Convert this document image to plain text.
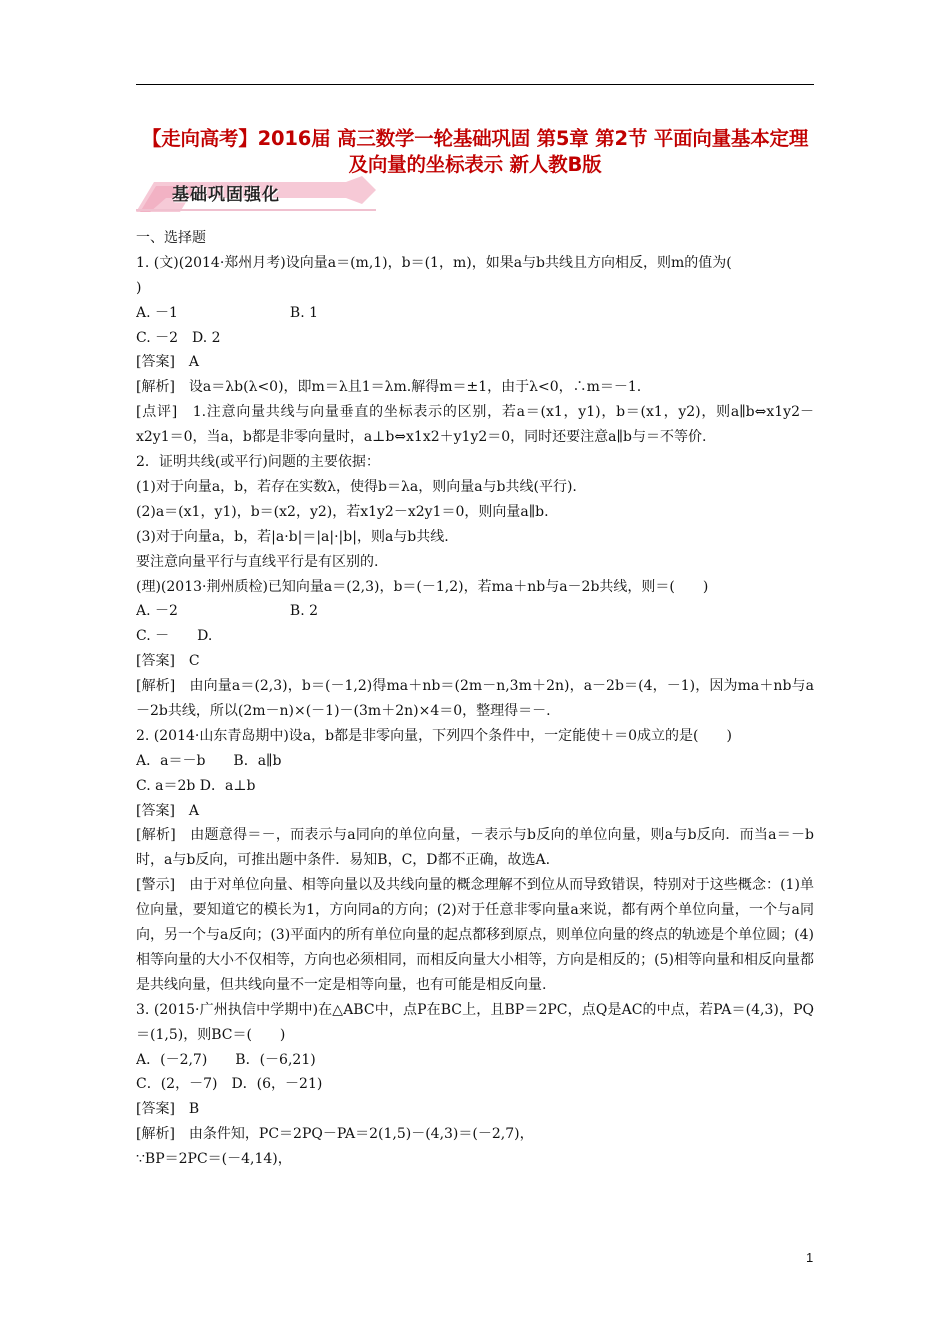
【走向高考】2016届 高三数学一轮基础巩固 第5章 第2节 平面向量基本定理及向量的坐标表示 新人教B版
基础巩固强化
一、选择题
1. (文)(2014·郑州月考)设向量a＝(m,1)，b＝(1，m)，如果a与b共线且方向相反，则m的值为(
)
A. －1　　　　　　　　B. 1
C. －2　D. 2
[答案]　A
[解析]　设a＝λb(λ<0)，即m＝λ且1＝λm.解得m＝±1，由于λ<0，∴m＝－1.
[点评]　1.注意向量共线与向量垂直的坐标表示的区别，若a＝(x1，y1)，b＝(x1，y2)，则a∥b⇔x1y2－x2y1＝0，当a，b都是非零向量时，a⊥b⇔x1x2＋y1y2＝0，同时还要注意a∥b与＝不等价.
2．证明共线(或平行)问题的主要依据：
(1)对于向量a，b，若存在实数λ，使得b＝λa，则向量a与b共线(平行).
(2)a＝(x1，y1)，b＝(x2，y2)，若x1y2－x2y1＝0，则向量a∥b.
(3)对于向量a，b，若|a·b|＝|a|·|b|，则a与b共线.
要注意向量平行与直线平行是有区别的.
(理)(2013·荆州质检)已知向量a＝(2,3)，b＝(－1,2)，若ma＋nb与a－2b共线，则＝(　　)
A. －2　　　　　　　　B. 2
C. －　　D.
[答案]　C
[解析]　由向量a＝(2,3)，b＝(－1,2)得ma＋nb＝(2m－n,3m＋2n)，a－2b＝(4，－1)，因为ma＋nb与a－2b共线，所以(2m－n)×(－1)－(3m＋2n)×4＝0，整理得＝－.
2. (2014·山东青岛期中)设a，b都是非零向量，下列四个条件中，一定能使＋＝0成立的是(　　)
A．a＝－b　　B．a∥b
C. a＝2b D．a⊥b
[答案]　A
[解析]　由题意得＝－，而表示与a同向的单位向量，－表示与b反向的单位向量，则a与b反向．而当a＝－b时，a与b反向，可推出题中条件．易知B，C，D都不正确，故选A.
[警示]　由于对单位向量、相等向量以及共线向量的概念理解不到位从而导致错误，特别对于这些概念：(1)单位向量，要知道它的模长为1，方向同a的方向；(2)对于任意非零向量a来说，都有两个单位向量，一个与a同向，另一个与a反向；(3)平面内的所有单位向量的起点都移到原点，则单位向量的终点的轨迹是个单位圆；(4)相等向量的大小不仅相等，方向也必须相同，而相反向量大小相等，方向是相反的；(5)相等向量和相反向量都是共线向量，但共线向量不一定是相等向量，也有可能是相反向量.
3. (2015·广州执信中学期中)在△ABC中，点P在BC上，且BP＝2PC，点Q是AC的中点，若PA＝(4,3)，PQ＝(1,5)，则BC＝(　　)
A．(－2,7)　　B．(－6,21)
C．(2，－7)　D．(6，－21)
[答案]　B
[解析]　由条件知，PC＝2PQ－PA＝2(1,5)－(4,3)＝(－2,7)，
∵BP＝2PC＝(－4,14)，
1
